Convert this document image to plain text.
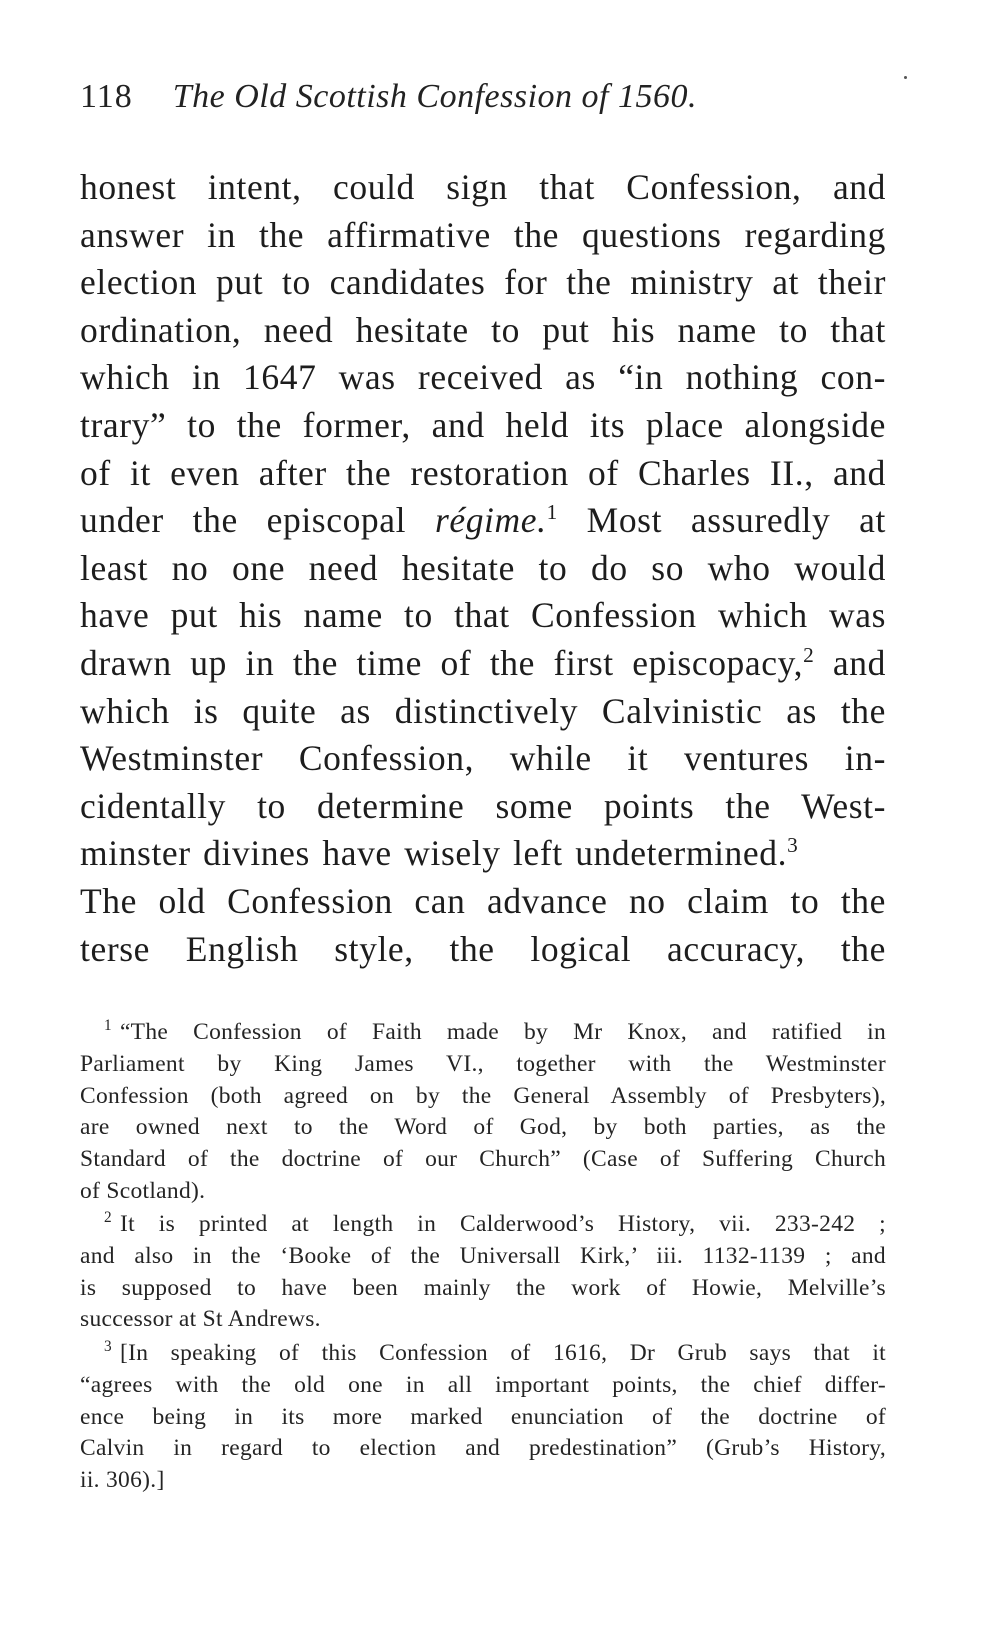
118 The Old Scottish Confession of 1560.
honest intent, could sign that Confession, and
answer in the affirmative the questions regarding
election put to candidates for the ministry at their
ordination, need hesitate to put his name to that
which in 1647 was received as “in nothing con-
trary” to the former, and held its place alongside
of it even after the restoration of Charles II., and
under the episcopal régime.$^1$ Most assuredly at
least no one need hesitate to do so who would
have put his name to that Confession which was
drawn up in the time of the first episcopacy,$^2$ and
which is quite as distinctively Calvinistic as the
Westminster Confession, while it ventures in-
cidentally to determine some points the West-
minster divines have wisely left undetermined.$^3$
The old Confession can advance no claim to the
terse English style, the logical accuracy, the
$^1$ “The Confession of Faith made by Mr Knox, and ratified in
Parliament by King James VI., together with the Westminster
Confession (both agreed on by the General Assembly of Presbyters),
are owned next to the Word of God, by both parties, as the
Standard of the doctrine of our Church” (Case of Suffering Church
of Scotland).
$^2$ It is printed at length in Calderwood’s History, vii. 233-242 ;
and also in the ‘Booke of the Universall Kirk,’ iii. 1132-1139 ; and
is supposed to have been mainly the work of Howie, Melville’s
successor at St Andrews.
$^3$ [In speaking of this Confession of 1616, Dr Grub says that it
“agrees with the old one in all important points, the chief differ-
ence being in its more marked enunciation of the doctrine of
Calvin in regard to election and predestination” (Grub’s History,
ii. 306).]
